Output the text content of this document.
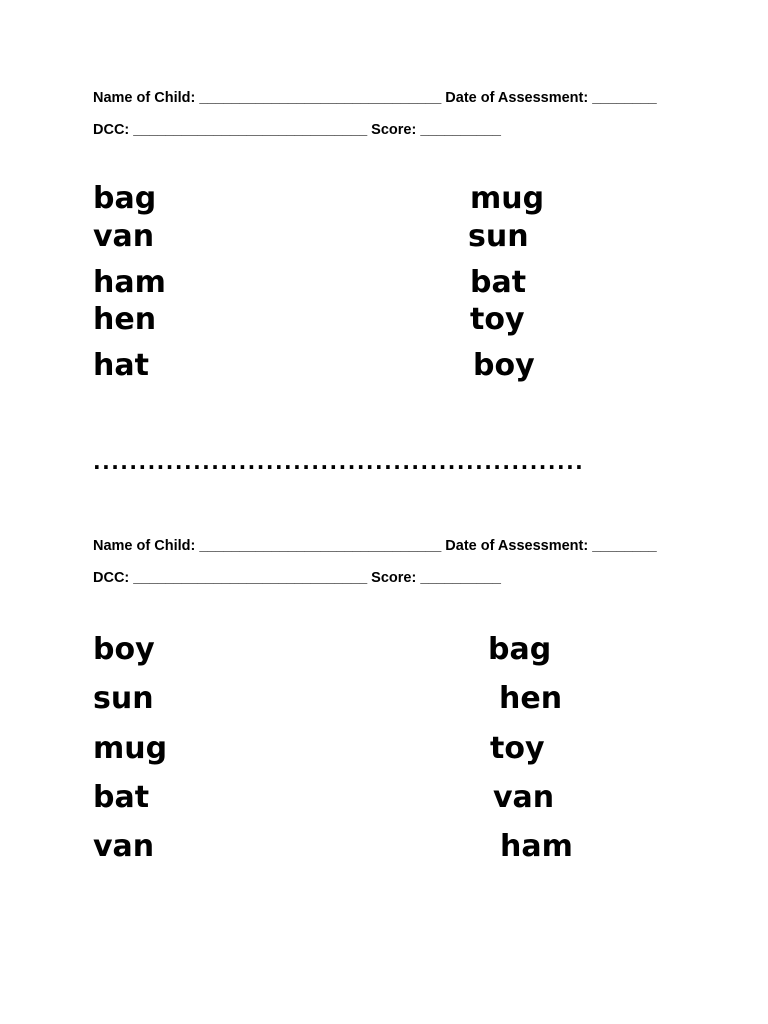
Name of Child: ______________________________ Date of Assessment: ________
DCC: _____________________________ Score: __________
bag
van
ham
hen
hat
mug
sun
bat
toy
boy
......................................................
Name of Child: ______________________________ Date of Assessment: ________
DCC: _____________________________ Score: __________
boy
sun
mug
bat
van
bag
hen
toy
van
ham
